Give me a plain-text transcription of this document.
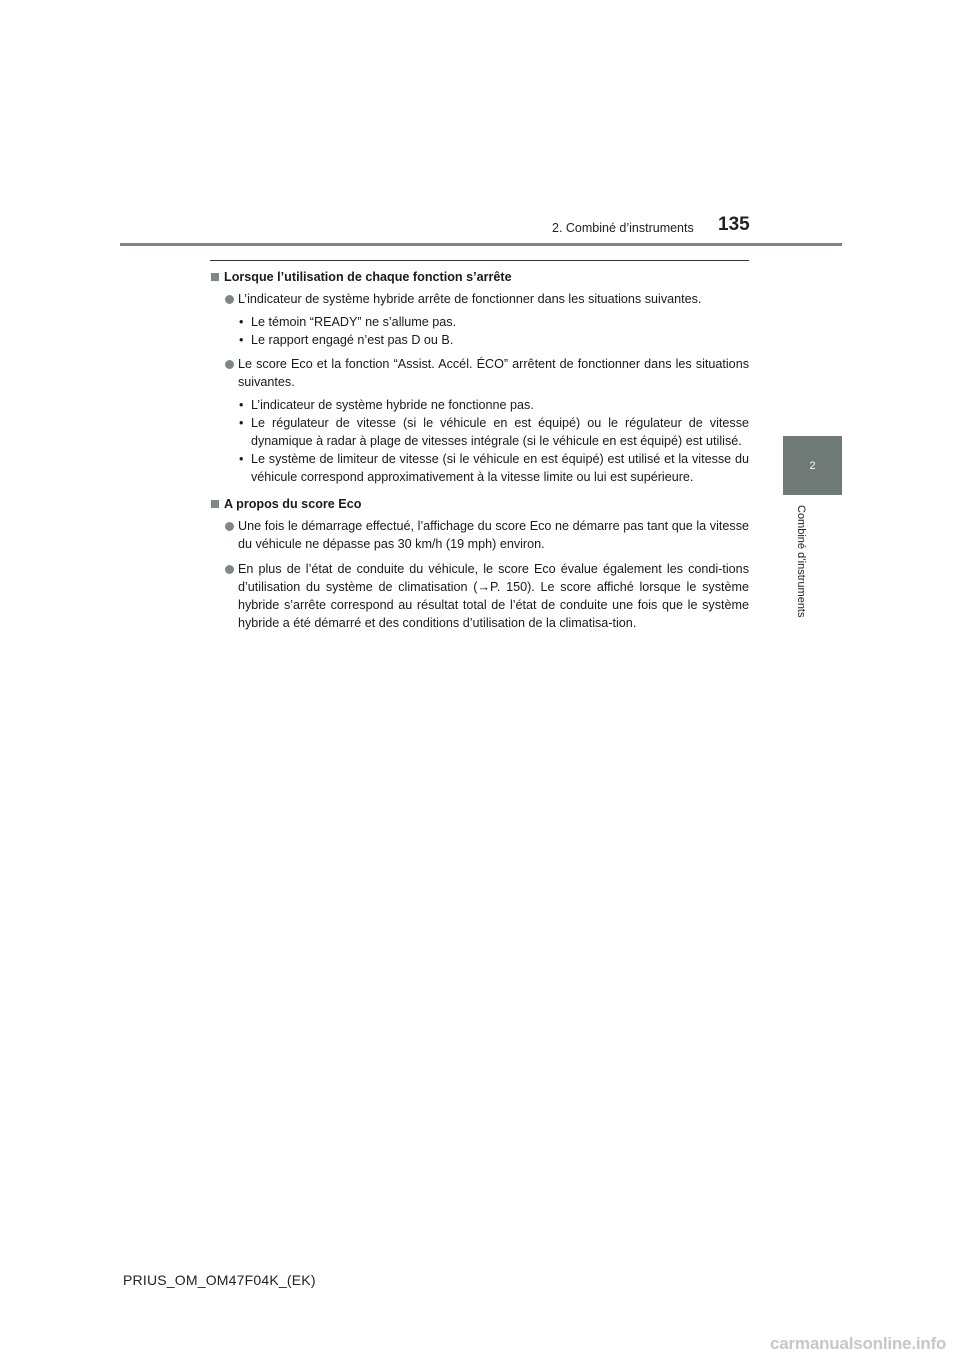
2. Combiné d’instruments	135
2
Combiné d’instruments
Lorsque l’utilisation de chaque fonction s’arrête
L’indicateur de système hybride arrête de fonctionner dans les situations suivantes.
• Le témoin “READY” ne s’allume pas.
• Le rapport engagé n’est pas D ou B.
Le score Eco et la fonction “Assist. Accél. ÉCO” arrêtent de fonctionner dans les situations suivantes.
• L’indicateur de système hybride ne fonctionne pas.
• Le régulateur de vitesse (si le véhicule en est équipé) ou le régulateur de vitesse dynamique à radar à plage de vitesses intégrale (si le véhicule en est équipé) est utilisé.
• Le système de limiteur de vitesse (si le véhicule en est équipé) est utilisé et la vitesse du véhicule correspond approximativement à la vitesse limite ou lui est supérieure.
A propos du score Eco
Une fois le démarrage effectué, l’affichage du score Eco ne démarre pas tant que la vitesse du véhicule ne dépasse pas 30 km/h (19 mph) environ.
En plus de l’état de conduite du véhicule, le score Eco évalue également les condi-tions d’utilisation du système de climatisation (→P. 150). Le score affiché lorsque le système hybride s’arrête correspond au résultat total de l’état de conduite une fois que le système hybride a été démarré et des conditions d’utilisation de la climatisa-tion.
PRIUS_OM_OM47F04K_(EK)
carmanualsonline.info
